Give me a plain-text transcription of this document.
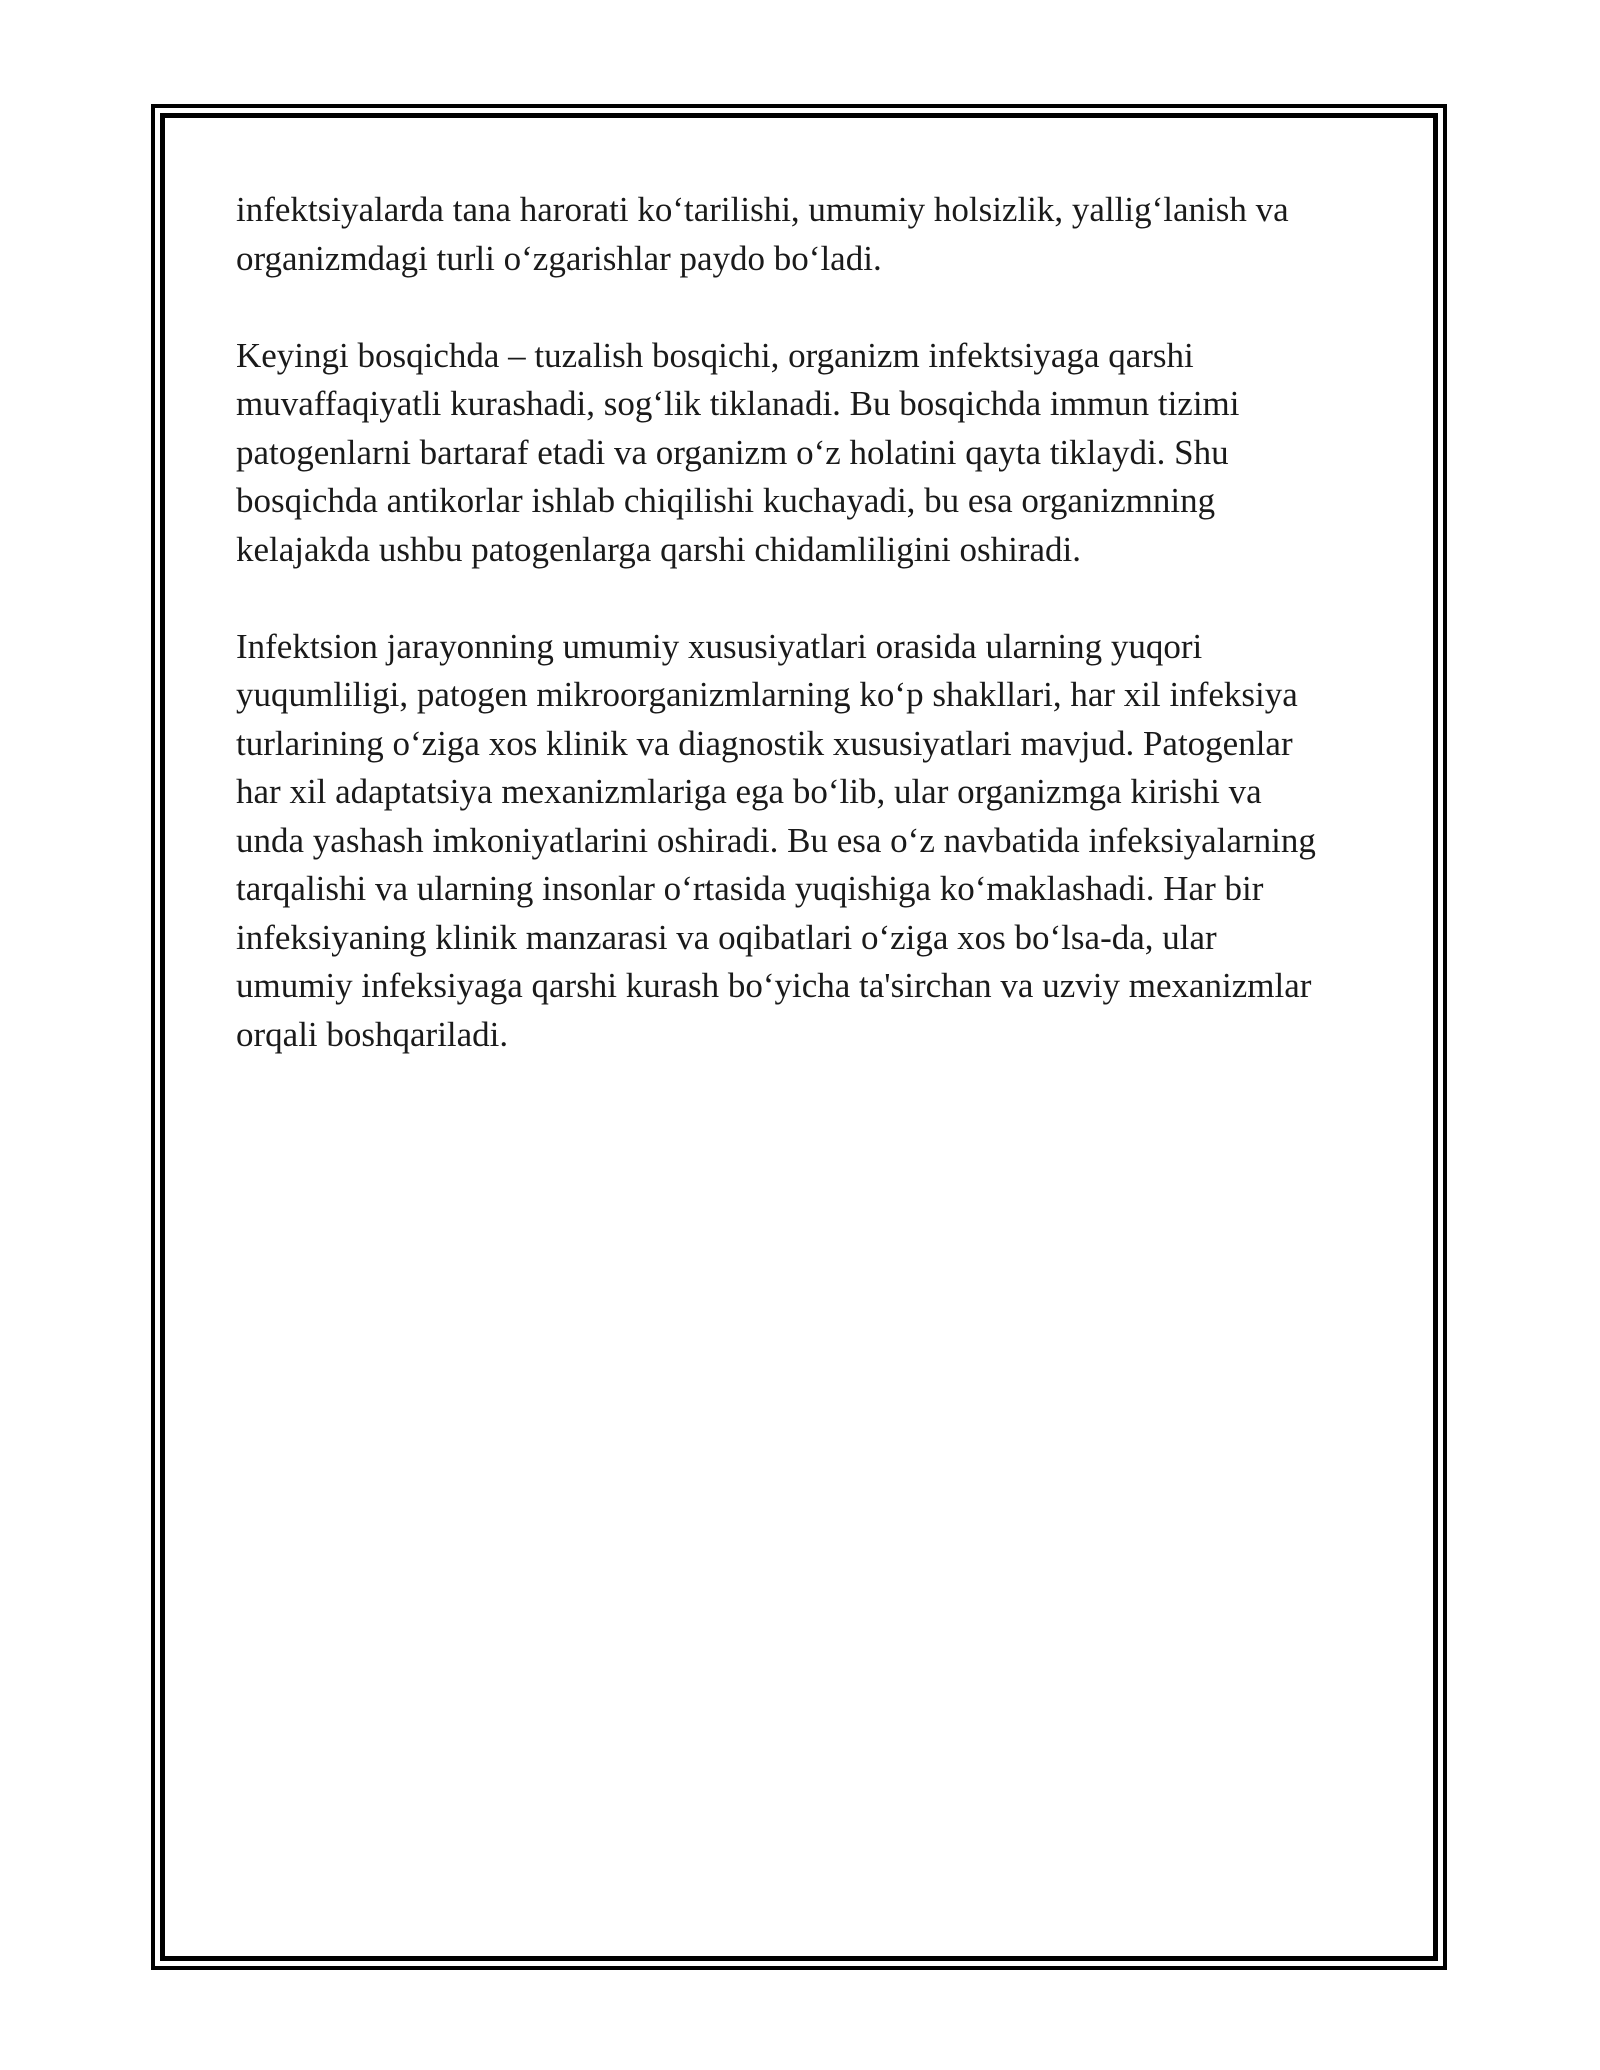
infektsiyalarda tana harorati ko‘tarilishi, umumiy holsizlik, yallig‘lanish va
organizmdagi turli o‘zgarishlar paydo bo‘ladi.

Keyingi bosqichda – tuzalish bosqichi, organizm infektsiyaga qarshi
muvaffaqiyatli kurashadi, sog‘lik tiklanadi. Bu bosqichda immun tizimi
patogenlarni bartaraf etadi va organizm o‘z holatini qayta tiklaydi. Shu
bosqichda antikorlar ishlab chiqilishi kuchayadi, bu esa organizmning
kelajakda ushbu patogenlarga qarshi chidamliligini oshiradi.

Infektsion jarayonning umumiy xususiyatlari orasida ularning yuqori
yuqumliligi, patogen mikroorganizmlarning ko‘p shakllari, har xil infeksiya
turlarining o‘ziga xos klinik va diagnostik xususiyatlari mavjud. Patogenlar
har xil adaptatsiya mexanizmlariga ega bo‘lib, ular organizmga kirishi va
unda yashash imkoniyatlarini oshiradi. Bu esa o‘z navbatida infeksiyalarning
tarqalishi va ularning insonlar o‘rtasida yuqishiga ko‘maklashadi. Har bir
infeksiyaning klinik manzarasi va oqibatlari o‘ziga xos bo‘lsa-da, ular
umumiy infeksiyaga qarshi kurash bo‘yicha ta'sirchan va uzviy mexanizmlar
orqali boshqariladi.
